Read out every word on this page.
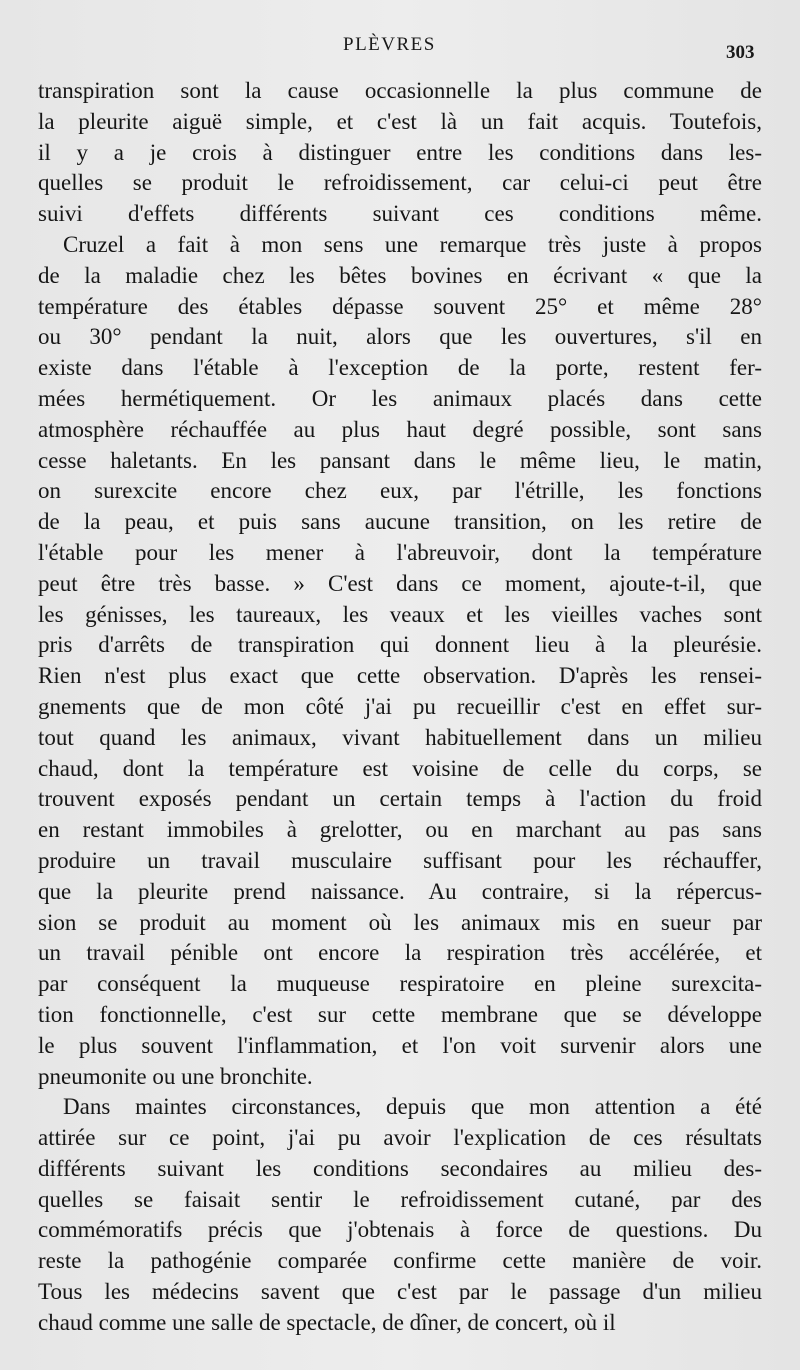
PLÈVRES	303
transpiration sont la cause occasionnelle la plus commune de
la pleurite aiguë simple, et c'est là un fait acquis. Toutefois,
il y a je crois à distinguer entre les conditions dans les-
quelles se produit le refroidissement, car celui-ci peut être
suivi d'effets différents suivant ces conditions même.
Cruzel a fait à mon sens une remarque très juste à propos
de la maladie chez les bêtes bovines en écrivant « que la
température des étables dépasse souvent 25° et même 28°
ou 30° pendant la nuit, alors que les ouvertures, s'il en
existe dans l'étable à l'exception de la porte, restent fer-
mées hermétiquement. Or les animaux placés dans cette
atmosphère réchauffée au plus haut degré possible, sont sans
cesse haletants. En les pansant dans le même lieu, le matin,
on surexcite encore chez eux, par l'étrille, les fonctions
de la peau, et puis sans aucune transition, on les retire de
l'étable pour les mener à l'abreuvoir, dont la température
peut être très basse. » C'est dans ce moment, ajoute-t-il, que
les génisses, les taureaux, les veaux et les vieilles vaches sont
pris d'arrêts de transpiration qui donnent lieu à la pleurésie.
Rien n'est plus exact que cette observation. D'après les rensei-
gnements que de mon côté j'ai pu recueillir c'est en effet sur-
tout quand les animaux, vivant habituellement dans un milieu
chaud, dont la température est voisine de celle du corps, se
trouvent exposés pendant un certain temps à l'action du froid
en restant immobiles à grelotter, ou en marchant au pas sans
produire un travail musculaire suffisant pour les réchauffer,
que la pleurite prend naissance. Au contraire, si la répercus-
sion se produit au moment où les animaux mis en sueur par
un travail pénible ont encore la respiration très accélérée, et
par conséquent la muqueuse respiratoire en pleine surexcita-
tion fonctionnelle, c'est sur cette membrane que se développe
le plus souvent l'inflammation, et l'on voit survenir alors une
pneumonite ou une bronchite.
Dans maintes circonstances, depuis que mon attention a été
attirée sur ce point, j'ai pu avoir l'explication de ces résultats
différents suivant les conditions secondaires au milieu des-
quelles se faisait sentir le refroidissement cutané, par des
commémoratifs précis que j'obtenais à force de questions. Du
reste la pathogénie comparée confirme cette manière de voir.
Tous les médecins savent que c'est par le passage d'un milieu
chaud comme une salle de spectacle, de dîner, de concert, où il
